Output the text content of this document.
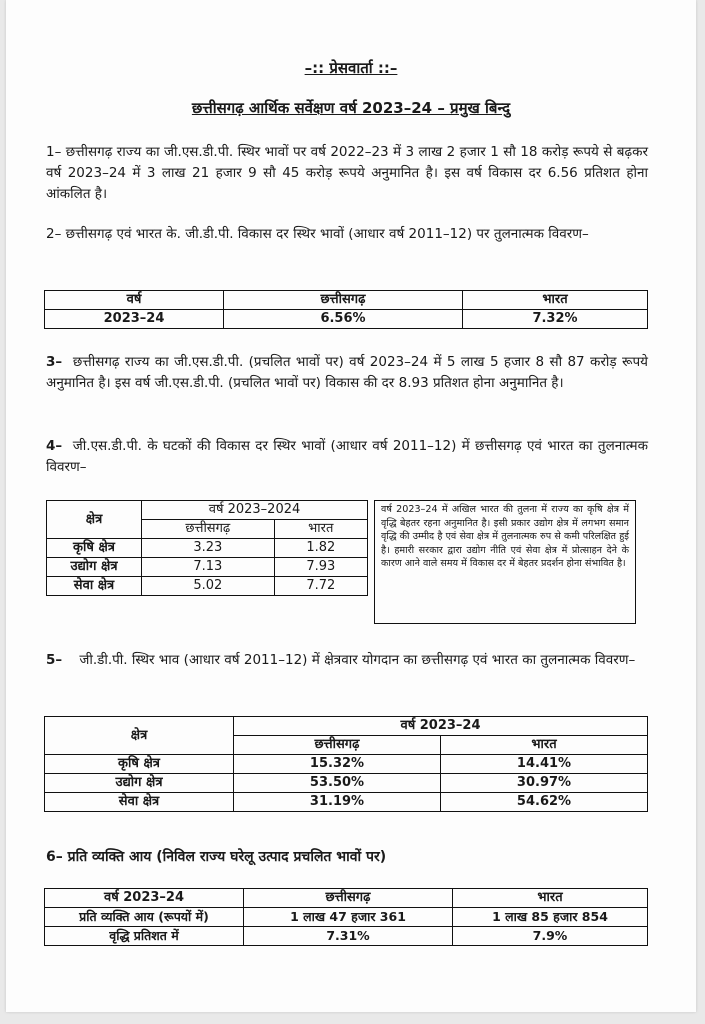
–:: प्रेसवार्ता ::–
छत्तीसगढ़ आर्थिक सर्वेक्षण वर्ष 2023–24 – प्रमुख बिन्दु
1– छत्तीसगढ़ राज्य का जी.एस.डी.पी. स्थिर भावों पर वर्ष 2022–23 में 3 लाख 2 हजार 1 सौ 18 करोड़ रूपये से बढ़कर वर्ष 2023–24 में 3 लाख 21 हजार 9 सौ 45 करोड़ रूपये अनुमानित है। इस वर्ष विकास दर 6.56 प्रतिशत होना आंकलित है।
2– छत्तीसगढ़ एवं भारत के. जी.डी.पी. विकास दर स्थिर भावों (आधार वर्ष 2011–12) पर तुलनात्मक विवरण–
वर्ष	छत्तीसगढ़	भारत
2023–24	6.56%	7.32%
3– छत्तीसगढ़ राज्य का जी.एस.डी.पी. (प्रचलित भावों पर) वर्ष 2023–24 में 5 लाख 5 हजार 8 सौ 87 करोड़ रूपये अनुमानित है। इस वर्ष जी.एस.डी.पी. (प्रचलित भावों पर) विकास की दर 8.93 प्रतिशत होना अनुमानित है।
4– जी.एस.डी.पी. के घटकों की विकास दर स्थिर भावों (आधार वर्ष 2011–12) में छत्तीसगढ़ एवं भारत का तुलनात्मक विवरण–
क्षेत्र	वर्ष 2023–2024	
	छत्तीसगढ़	भारत
कृषि क्षेत्र	3.23	1.82
उद्योग क्षेत्र	7.13	7.93
सेवा क्षेत्र	5.02	7.72
वर्ष 2023–24 में अखिल भारत की तुलना में राज्य का कृषि क्षेत्र में वृद्धि बेहतर रहना अनुमानित है। इसी प्रकार उद्योग क्षेत्र में लगभग समान वृद्धि की उम्मीद है एवं सेवा क्षेत्र में तुलनात्मक रुप से कमी परिलक्षित हुई है। हमारी सरकार द्वारा उद्योग नीति एवं सेवा क्षेत्र में प्रोत्साहन देने के कारण आने वाले समय में विकास दर में बेहतर प्रदर्शन होना संभावित है।
5– जी.डी.पी. स्थिर भाव (आधार वर्ष 2011–12) में क्षेत्रवार योगदान का छत्तीसगढ़ एवं भारत का तुलनात्मक विवरण–
क्षेत्र	वर्ष 2023–24	
	छत्तीसगढ़	भारत
कृषि क्षेत्र	15.32%	14.41%
उद्योग क्षेत्र	53.50%	30.97%
सेवा क्षेत्र	31.19%	54.62%
6– प्रति व्यक्ति आय (निविल राज्य घरेलू उत्पाद प्रचलित भावों पर)
वर्ष 2023–24	छत्तीसगढ़	भारत
प्रति व्यक्ति आय (रूपयों में)	1 लाख 47 हजार 361	1 लाख 85 हजार 854
वृद्धि प्रतिशत में	7.31%	7.9%
